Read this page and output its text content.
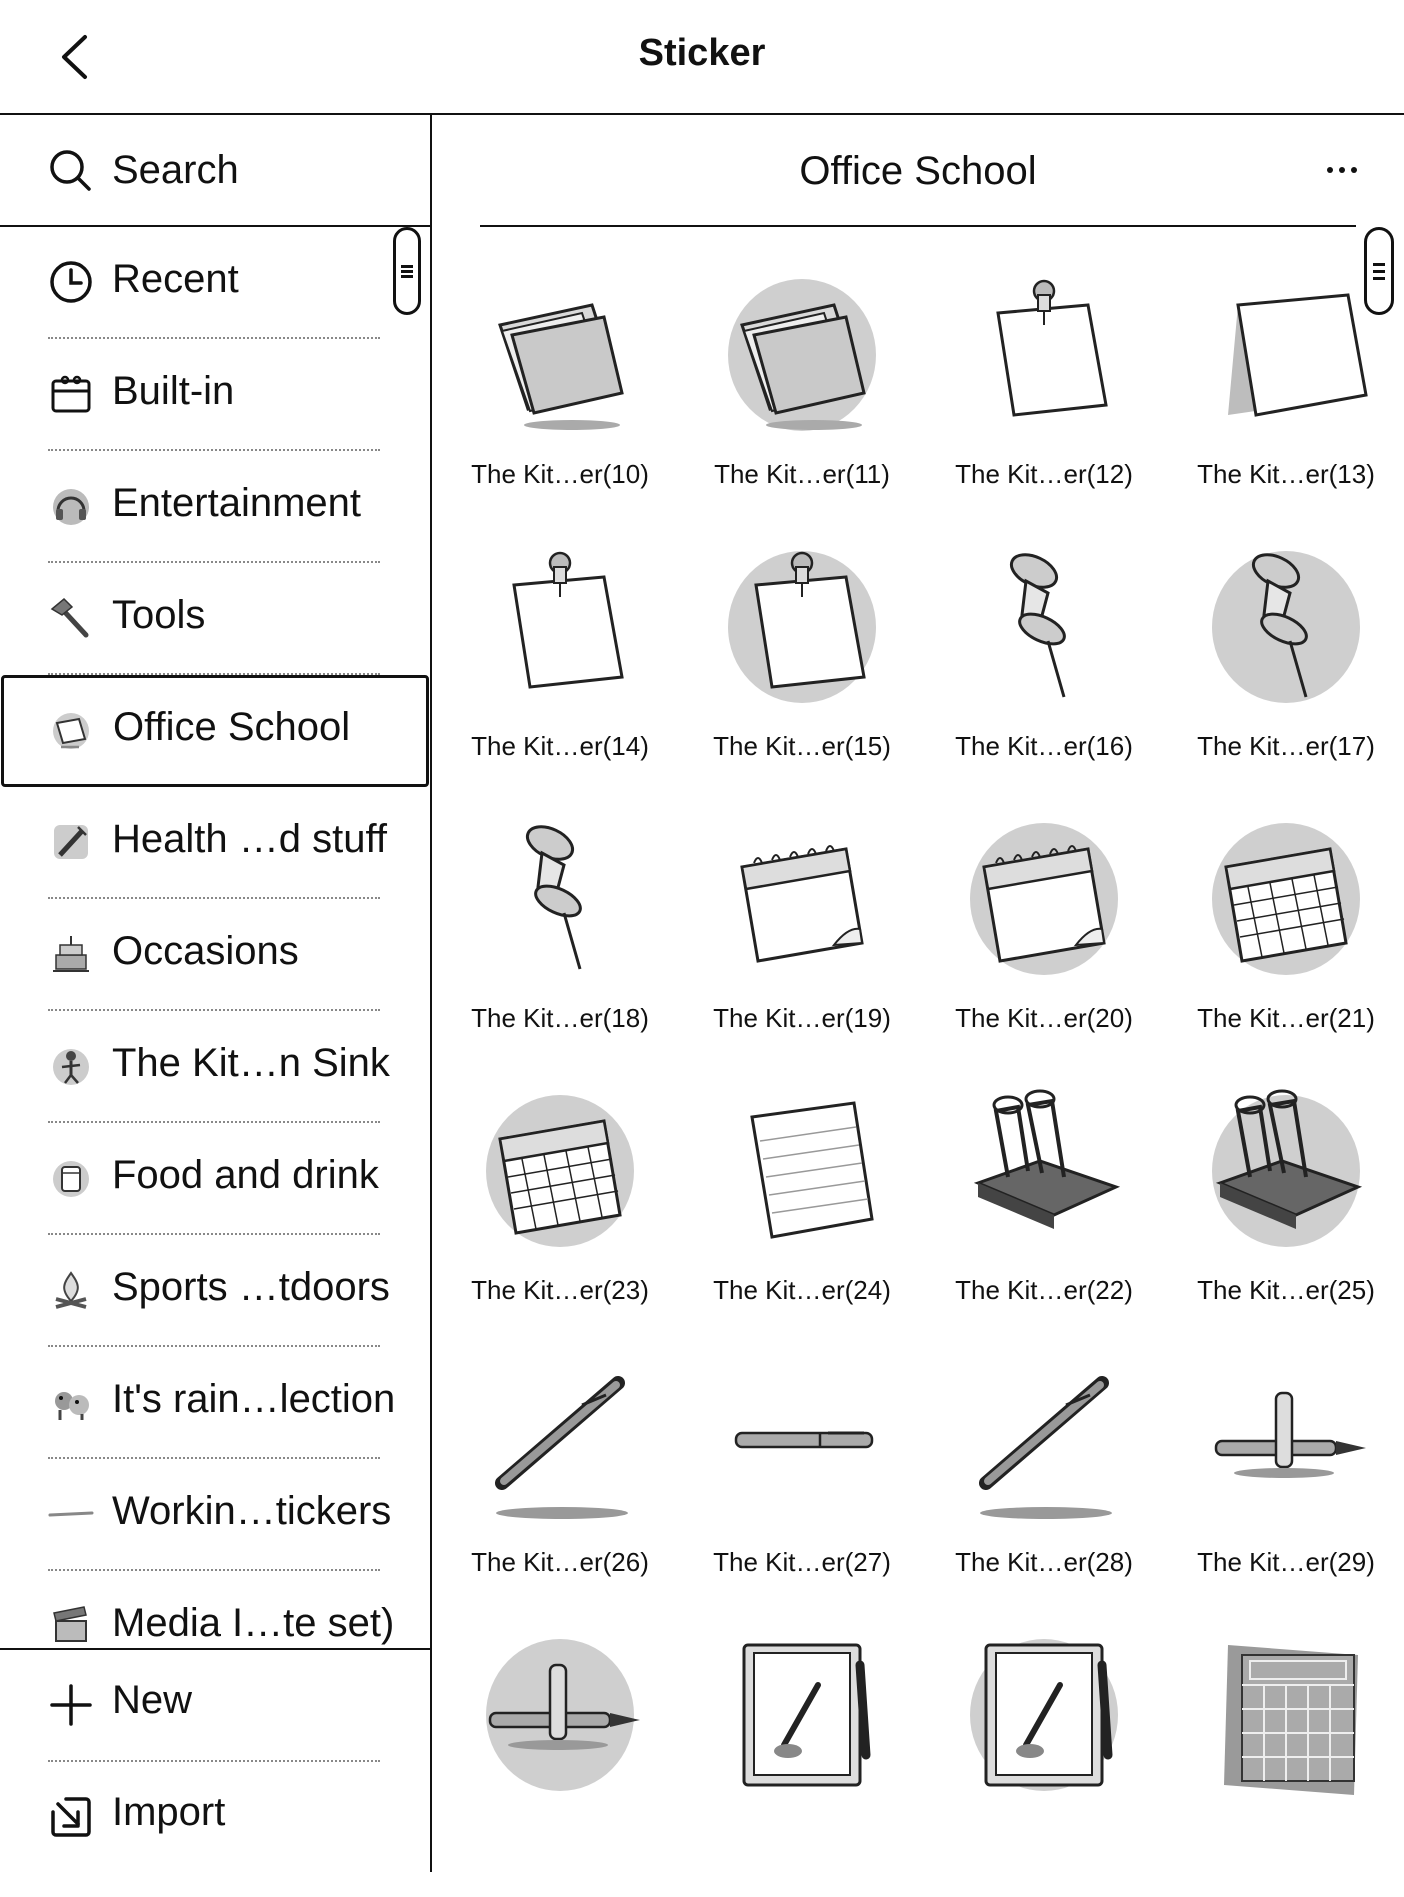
Sticker
Search
Recent
Built-in
Entertainment
Tools
Office School
Health …d stuff
Occasions
The Kit…n Sink
Food and drink
Sports …tdoors
It's rain…lection
Workin…tickers
Media I…te set)
New
Import
Office School
The Kit…er(10)	The Kit…er(11)	The Kit…er(12)	The Kit…er(13)
The Kit…er(14)	The Kit…er(15)	The Kit…er(16)	The Kit…er(17)
The Kit…er(18)	The Kit…er(19)	The Kit…er(20)	The Kit…er(21)
The Kit…er(23)	The Kit…er(24)	The Kit…er(22)	The Kit…er(25)
The Kit…er(26)	The Kit…er(27)	The Kit…er(28)	The Kit…er(29)
